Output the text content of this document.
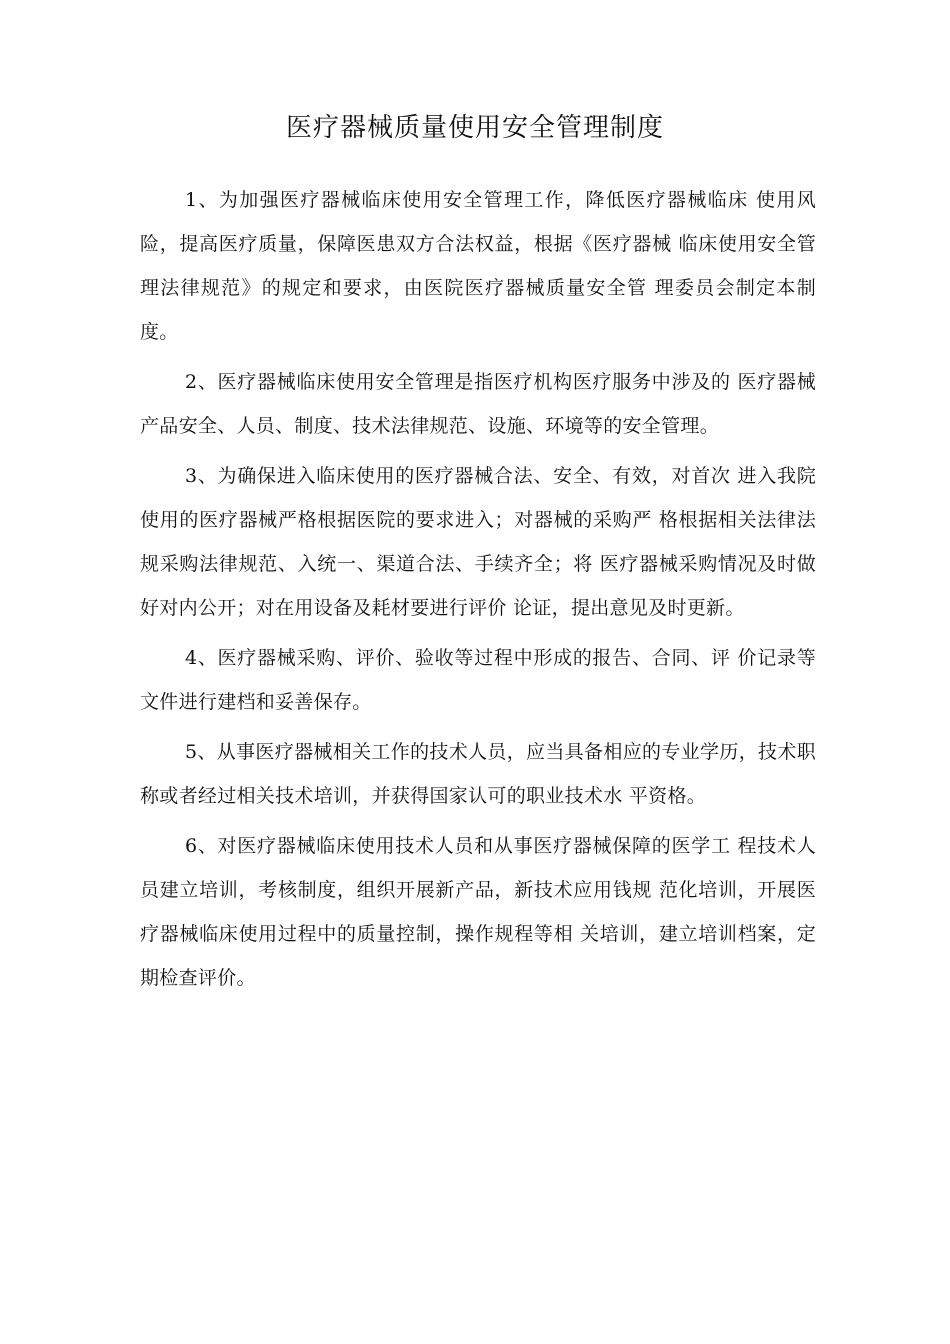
医疗器械质量使用安全管理制度

1、为加强医疗器械临床使用安全管理工作，降低医疗器械临床 使用风险，提高医疗质量，保障医患双方合法权益，根据《医疗器械 临床使用安全管理法律规范》的规定和要求，由医院医疗器械质量安全管 理委员会制定本制度。

2、医疗器械临床使用安全管理是指医疗机构医疗服务中涉及的 医疗器械产品安全、人员、制度、技术法律规范、设施、环境等的安全管理。

3、为确保进入临床使用的医疗器械合法、安全、有效，对首次 进入我院使用的医疗器械严格根据医院的要求进入；对器械的采购严 格根据相关法律法规采购法律规范、入统一、渠道合法、手续齐全；将 医疗器械采购情况及时做好对内公开；对在用设备及耗材要进行评价 论证，提出意见及时更新。

4、医疗器械采购、评价、验收等过程中形成的报告、合同、评 价记录等文件进行建档和妥善保存。

5、从事医疗器械相关工作的技术人员，应当具备相应的专业学历，技术职称或者经过相关技术培训，并获得国家认可的职业技术水 平资格。

6、对医疗器械临床使用技术人员和从事医疗器械保障的医学工 程技术人员建立培训，考核制度，组织开展新产品，新技术应用钱规 范化培训，开展医疗器械临床使用过程中的质量控制，操作规程等相 关培训，建立培训档案，定期检查评价。
